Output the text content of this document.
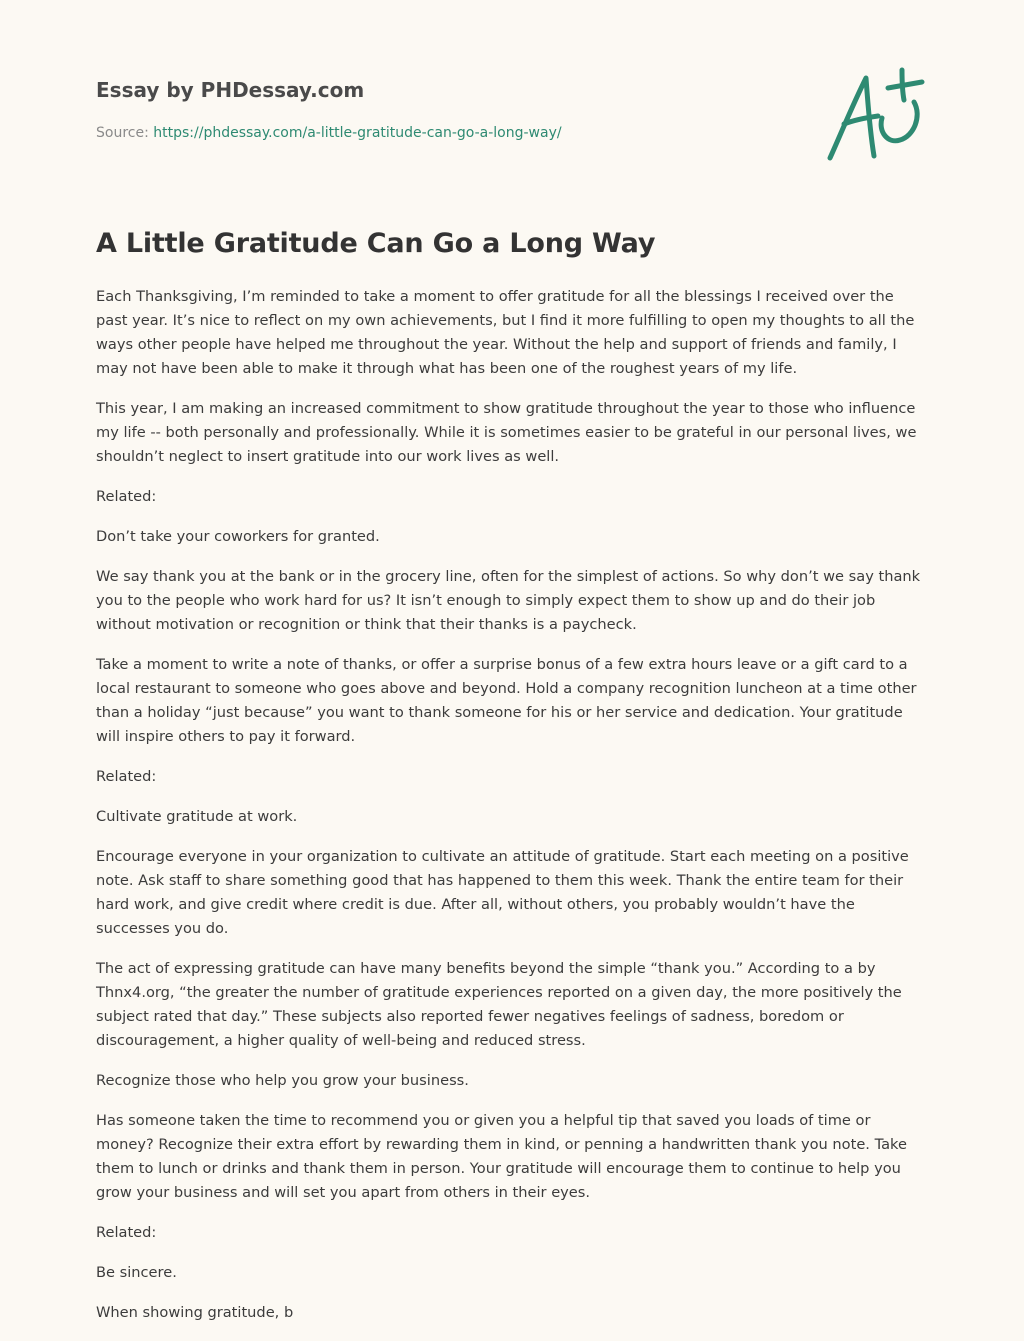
Essay by PHDessay.com
Source: https://phdessay.com/a-little-gratitude-can-go-a-long-way/
A Little Gratitude Can Go a Long Way

Each Thanksgiving, I’m reminded to take a moment to offer gratitude for all the blessings I received over the past year. It’s nice to reflect on my own achievements, but I find it more fulfilling to open my thoughts to all the ways other people have helped me throughout the year. Without the help and support of friends and family, I may not have been able to make it through what has been one of the roughest years of my life.

This year, I am making an increased commitment to show gratitude throughout the year to those who influence my life -- both personally and professionally. While it is sometimes easier to be grateful in our personal lives, we shouldn’t neglect to insert gratitude into our work lives as well.

Related:

Don’t take your coworkers for granted.

We say thank you at the bank or in the grocery line, often for the simplest of actions. So why don’t we say thank you to the people who work hard for us? It isn’t enough to simply expect them to show up and do their job without motivation or recognition or think that their thanks is a paycheck.

Take a moment to write a note of thanks, or offer a surprise bonus of a few extra hours leave or a gift card to a local restaurant to someone who goes above and beyond. Hold a company recognition luncheon at a time other than a holiday “just because” you want to thank someone for his or her service and dedication. Your gratitude will inspire others to pay it forward.

Related:

Cultivate gratitude at work.

Encourage everyone in your organization to cultivate an attitude of gratitude. Start each meeting on a positive note. Ask staff to share something good that has happened to them this week. Thank the entire team for their hard work, and give credit where credit is due. After all, without others, you probably wouldn’t have the successes you do.

The act of expressing gratitude can have many benefits beyond the simple “thank you.” According to a by Thnx4.org, “the greater the number of gratitude experiences reported on a given day, the more positively the subject rated that day.” These subjects also reported fewer negatives feelings of sadness, boredom or discouragement, a higher quality of well-being and reduced stress.

Recognize those who help you grow your business.

Has someone taken the time to recommend you or given you a helpful tip that saved you loads of time or money? Recognize their extra effort by rewarding them in kind, or penning a handwritten thank you note. Take them to lunch or drinks and thank them in person. Your gratitude will encourage them to continue to help you grow your business and will set you apart from others in their eyes.

Related:

Be sincere.

When showing gratitude, b
